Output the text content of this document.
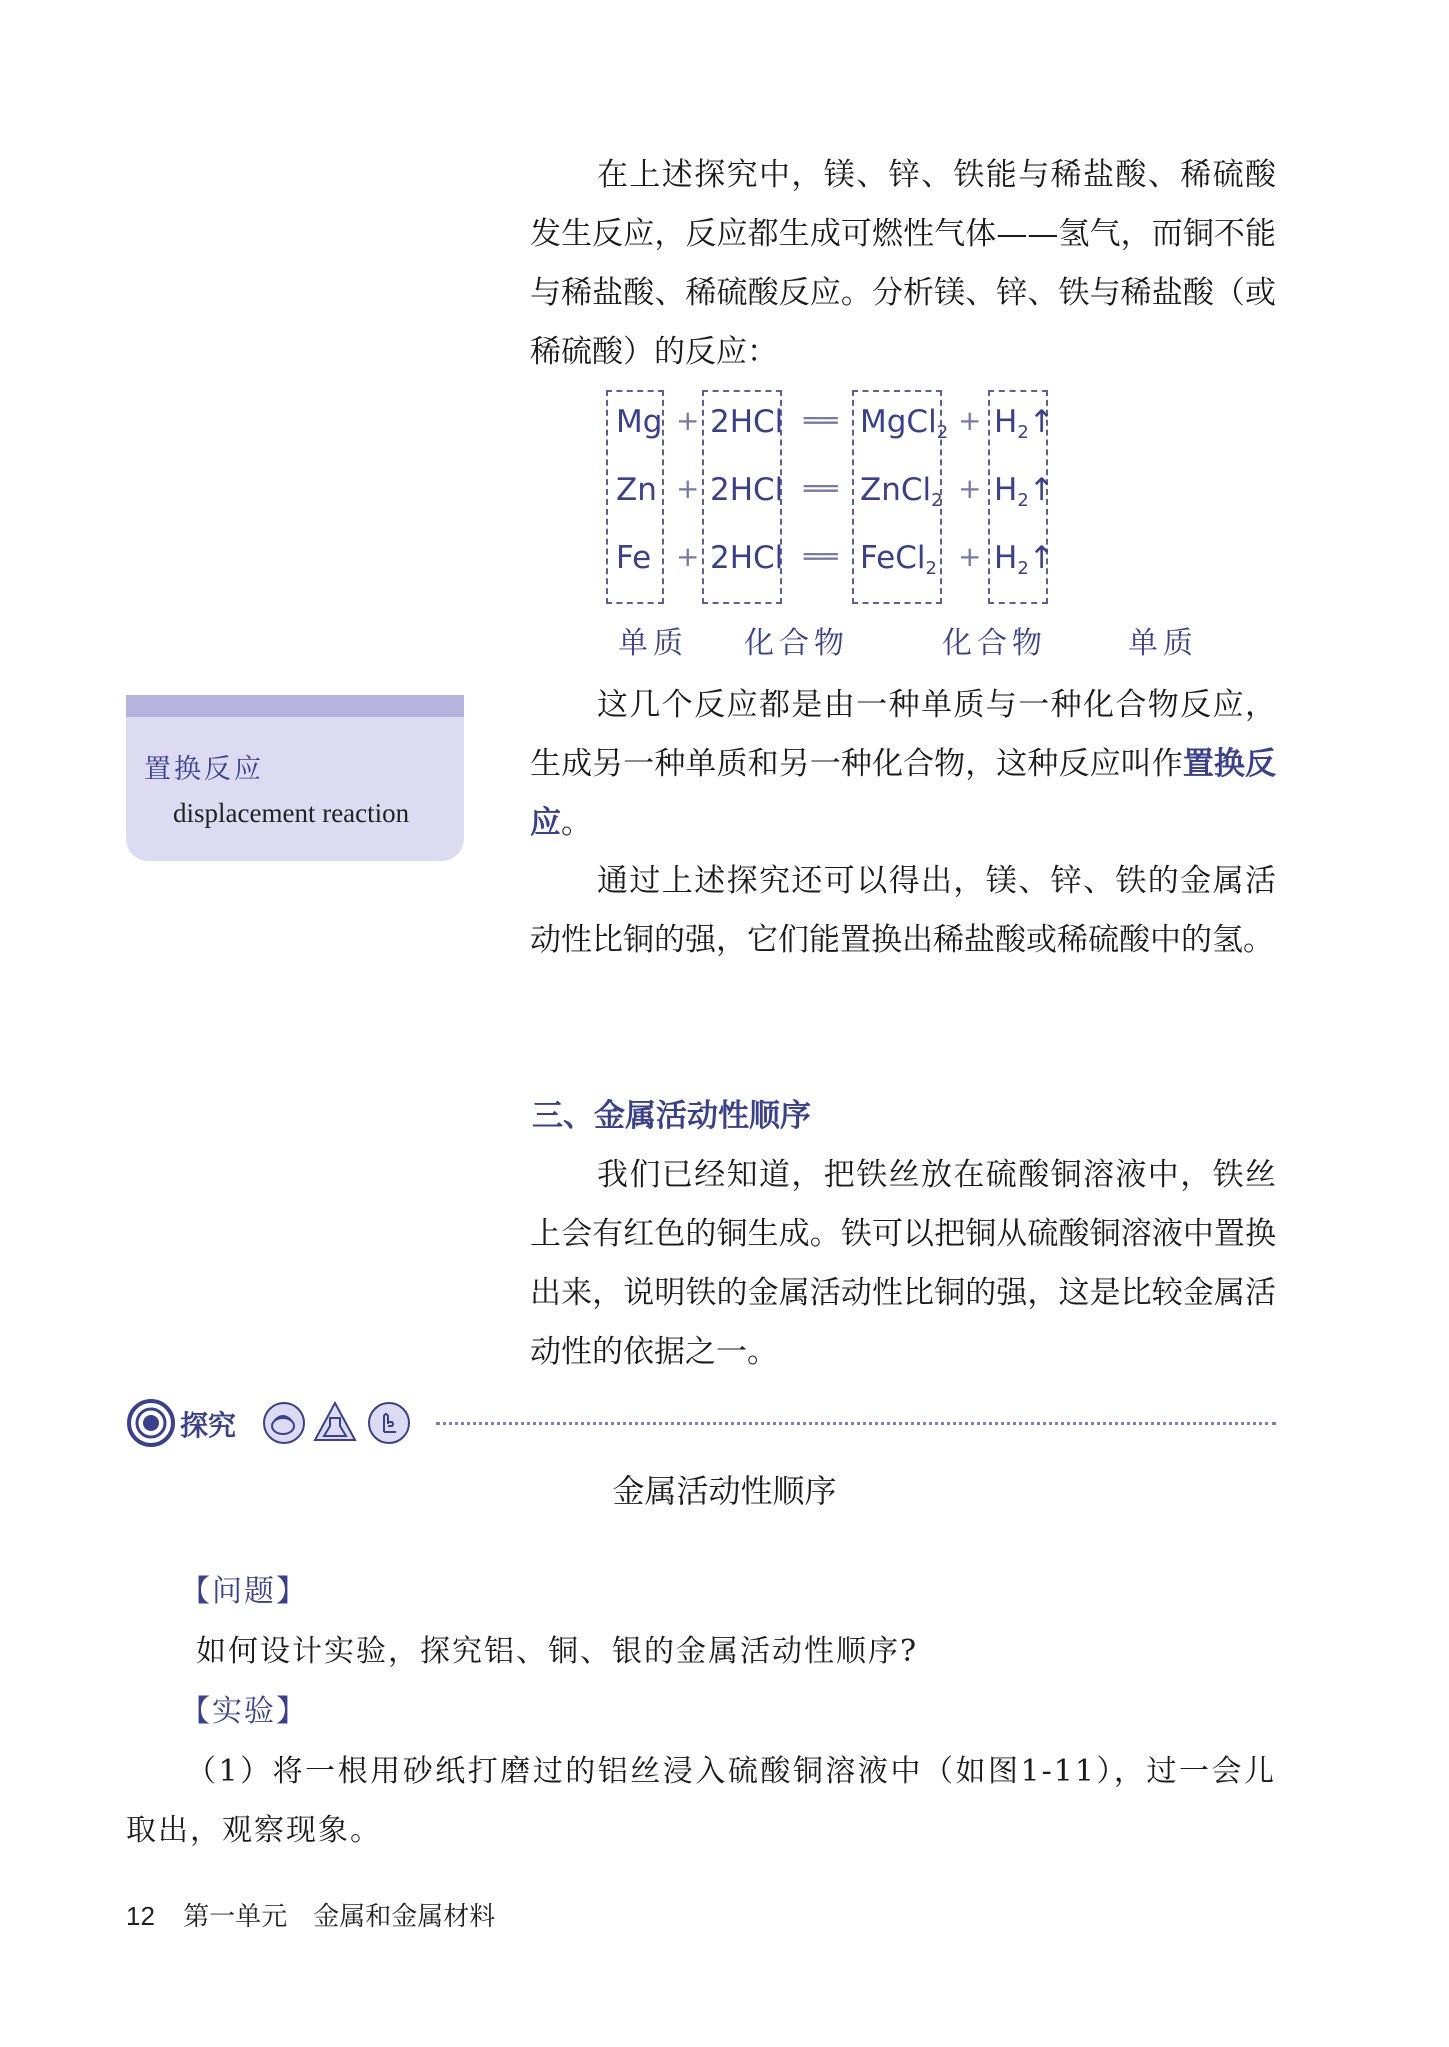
在上述探究中，镁、锌、铁能与稀盐酸、稀硫酸发生反应，反应都生成可燃性气体——氢气，而铜不能与稀盐酸、稀硫酸反应。分析镁、锌、铁与稀盐酸（或稀硫酸）的反应：
Mg + 2HCl ══ MgCl$_2$ + $H_2↑$
Zn + 2HCl ══ ZnCl$_2$ + $H_2↑$
Fe + 2HCl ══ FeCl$_2$ + $H_2↑$
单质 化合物	化合物	单质
这几个反应都是由一种单质与一种化合物反应，生成另一种单质和另一种化合物，这种反应叫作置换反应。
置换反应
displacement reaction
通过上述探究还可以得出，镁、锌、铁的金属活动性比铜的强，它们能置换出稀盐酸或稀硫酸中的氢。
三、金属活动性顺序
我们已经知道，把铁丝放在硫酸铜溶液中，铁丝上会有红色的铜生成。铁可以把铜从硫酸铜溶液中置换出来，说明铁的金属活动性比铜的强，这是比较金属活动性的依据之一。
探究
金属活动性顺序
【问题】
如何设计实验，探究铝、铜、银的金属活动性顺序?
【实验】
（1）将一根用砂纸打磨过的铝丝浸入硫酸铜溶液中（如图1-11），过一会儿取出，观察现象。
12 第一单元　金属和金属材料
